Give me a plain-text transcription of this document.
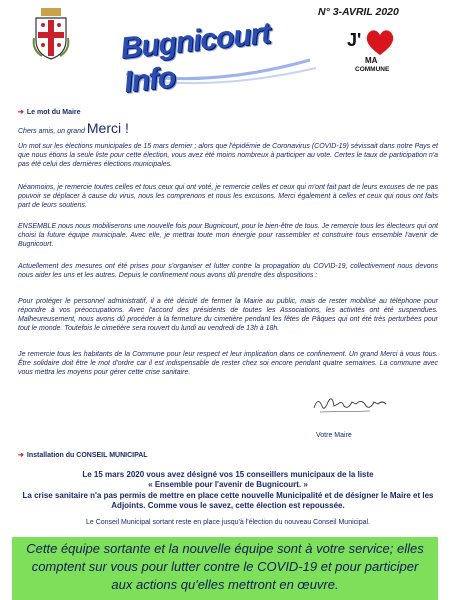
Bugnicourt Info
N° 3-AVRIL 2020
J'
MA
COMMUNE
➔ Le mot du Maire
Chers amis, un grand Merci !

Un mot sur les élections municipales de 15 mars dernier ; alors que l'épidémie de Coronavirus (COVID-19) sévissait dans notre Pays et que nous étions la seule liste pour cette élection, vous avez été moins nombreux à participer au vote. Certes le taux de participation n'a pas été celui des dernières élections municipales.

Néanmoins, je remercie toutes celles et tous ceux qui ont voté, je remercie celles et ceux qui m'ont fait part de leurs excuses de ne pas pouvoir se déplacer à cause du virus, nous les comprenons et nous les excusons. Merci également à celles et ceux qui nous ont faits part de leurs soutiens.

ENSEMBLE nous nous mobiliserons une nouvelle fois pour Bugnicourt, pour le bien-être de tous. Je remercie tous les électeurs qui ont choisi la future équipe municipale. Avec elle, je mettrai toute mon énergie pour rassembler et construire tous ensemble l'avenir de Bugnicourt.

Actuellement des mesures ont été prises pour s'organiser et lutter contre la propagation du COVID-19, collectivement nous devons nous aider les uns et les autres. Depuis le confinement nous avons dû prendre des dispositions :

Pour protéger le personnel administratif, il a été décidé de fermer la Mairie au public, mais de rester mobilisé au téléphone pour répondre à vos préoccupations. Avec l'accord des présidents de toutes les Associations, les activités ont été suspendues. Malheureusement, nous avons dû procéder à la fermeture du cimetière pendant les fêtes de Pâques qui ont été très perturbées pour tout le monde. Toutefois le cimetière sera rouvert du lundi au vendredi de 13h à 18h.

Je remercie tous les habitants de la Commune pour leur respect et leur implication dans ce confinement. Un grand Merci à vous tous. Être solidaire doit être le mot d'ordre car il est indispensable de rester chez soi encore pendant quatre semaines. La commune avec vous mettra les moyens pour gérer cette crise sanitaire.

Votre Maire
➔ Installation du CONSEIL MUNICIPAL
Le 15 mars 2020 vous avez désigné vos 15 conseillers municipaux de la liste
« Ensemble pour l'avenir de Bugnicourt. »
La crise sanitaire n'a pas permis de mettre en place cette nouvelle Municipalité et de désigner le Maire et les Adjoints. Comme vous le savez, cette élection est repoussée.
Le Conseil Municipal sortant reste en place jusqu'à l'élection du nouveau Conseil Municipal.
Cette équipe sortante et la nouvelle équipe sont à votre service; elles comptent sur vous pour lutter contre le COVID-19 et pour participer aux actions qu'elles mettront en œuvre.
